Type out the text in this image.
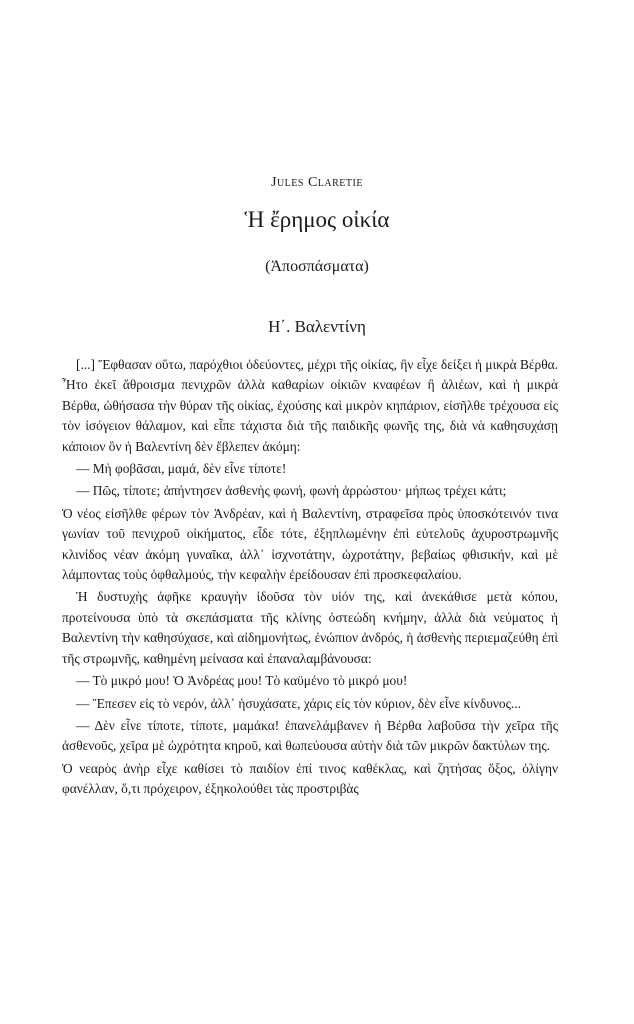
Jules Claretie
Ἡ ἔρημος οἰκία
(Ἀποσπάσματα)
Η΄. Βαλεντίνη

[...] Ἔφθασαν οὕτω, παρόχθιοι ὁδεύοντες, μέχρι τῆς οἰκίας, ἣν εἶχε δείξει ἡ μικρὰ Βέρθα. Ἦτο ἐκεῖ ἄθροισμα πενιχρῶν ἀλλὰ καθαρίων οἰκιῶν κναφέων ἢ ἁλιέων, καὶ ἡ μικρὰ Βέρθα, ὠθήσασα τὴν θύραν τῆς οἰκίας, ἐχούσης καὶ μικρὸν κηπάριον, εἰσῆλθε τρέχουσα εἰς τὸν ἰσόγειον θάλαμον, καὶ εἶπε τάχιστα διὰ τῆς παιδικῆς φωνῆς της, διὰ νὰ καθησυχάσῃ κάποιον ὃν ἡ Βαλεντίνη δὲν ἔβλεπεν ἀκόμη:

— Μὴ φοβᾶσαι, μαμά, δὲν εἶνε τίποτε!

— Πῶς, τίποτε; ἀπήντησεν ἀσθενὴς φωνή, φωνὴ ἀρρώστου· μήπως τρέχει κάτι;

Ὁ νέος εἰσῆλθε φέρων τὸν Ἀνδρέαν, καὶ ἡ Βαλεντίνη, στραφεῖσα πρὸς ὑποσκότεινόν τινα γωνίαν τοῦ πενιχροῦ οἰκήματος, εἶδε τότε, ἐξηπλωμένην ἐπὶ εὐτελοῦς ἀχυροστρωμνῆς κλινίδος νέαν ἀκόμη γυναῖκα, ἀλλ᾽ ἰσχνοτάτην, ὠχροτάτην, βεβαίως φθισικήν, καὶ μὲ λάμποντας τοὺς ὀφθαλμούς, τὴν κεφαλὴν ἐρείδουσαν ἐπὶ προσκεφαλαίου.

Ἡ δυστυχὴς ἀφῆκε κραυγὴν ἰδοῦσα τὸν υἱόν της, καὶ ἀνεκάθισε μετὰ κόπου, προτείνουσα ὑπὸ τὰ σκεπάσματα τῆς κλίνης ὀστεώδη κνήμην, ἀλλὰ διὰ νεύματος ἡ Βαλεντίνη τὴν καθησύχασε, καὶ αἰδημονήτως, ἐνώπιον ἀνδρός, ἡ ἀσθενὴς περιεμαζεύθη ἐπὶ τῆς στρωμνῆς, καθημένη μείνασα καὶ ἐπαναλαμβάνουσα:

— Τὸ μικρό μου! Ὁ Ἀνδρέας μου! Τὸ καϋμένο τὸ μικρό μου!

— Ἔπεσεν εἰς τὸ νερόν, ἀλλ᾽ ἡσυχάσατε, χάρις εἰς τὸν κύριον, δὲν εἶνε κίνδυνος...

— Δὲν εἶνε τίποτε, τίποτε, μαμάκα! ἐπανελάμβανεν ἡ Βέρθα λαβοῦσα τὴν χεῖρα τῆς ἀσθενοῦς, χεῖρα μὲ ὠχρότητα κηροῦ, καὶ θωπεύουσα αὐτὴν διὰ τῶν μικρῶν δακτύλων της.

Ὁ νεαρὸς ἀνὴρ εἶχε καθίσει τὸ παιδίον ἐπί τινος καθέκλας, καὶ ζητήσας ὄξος, ὀλίγην φανέλλαν, ὅ,τι πρόχειρον, ἐξηκολούθει τὰς προστριβὰς
